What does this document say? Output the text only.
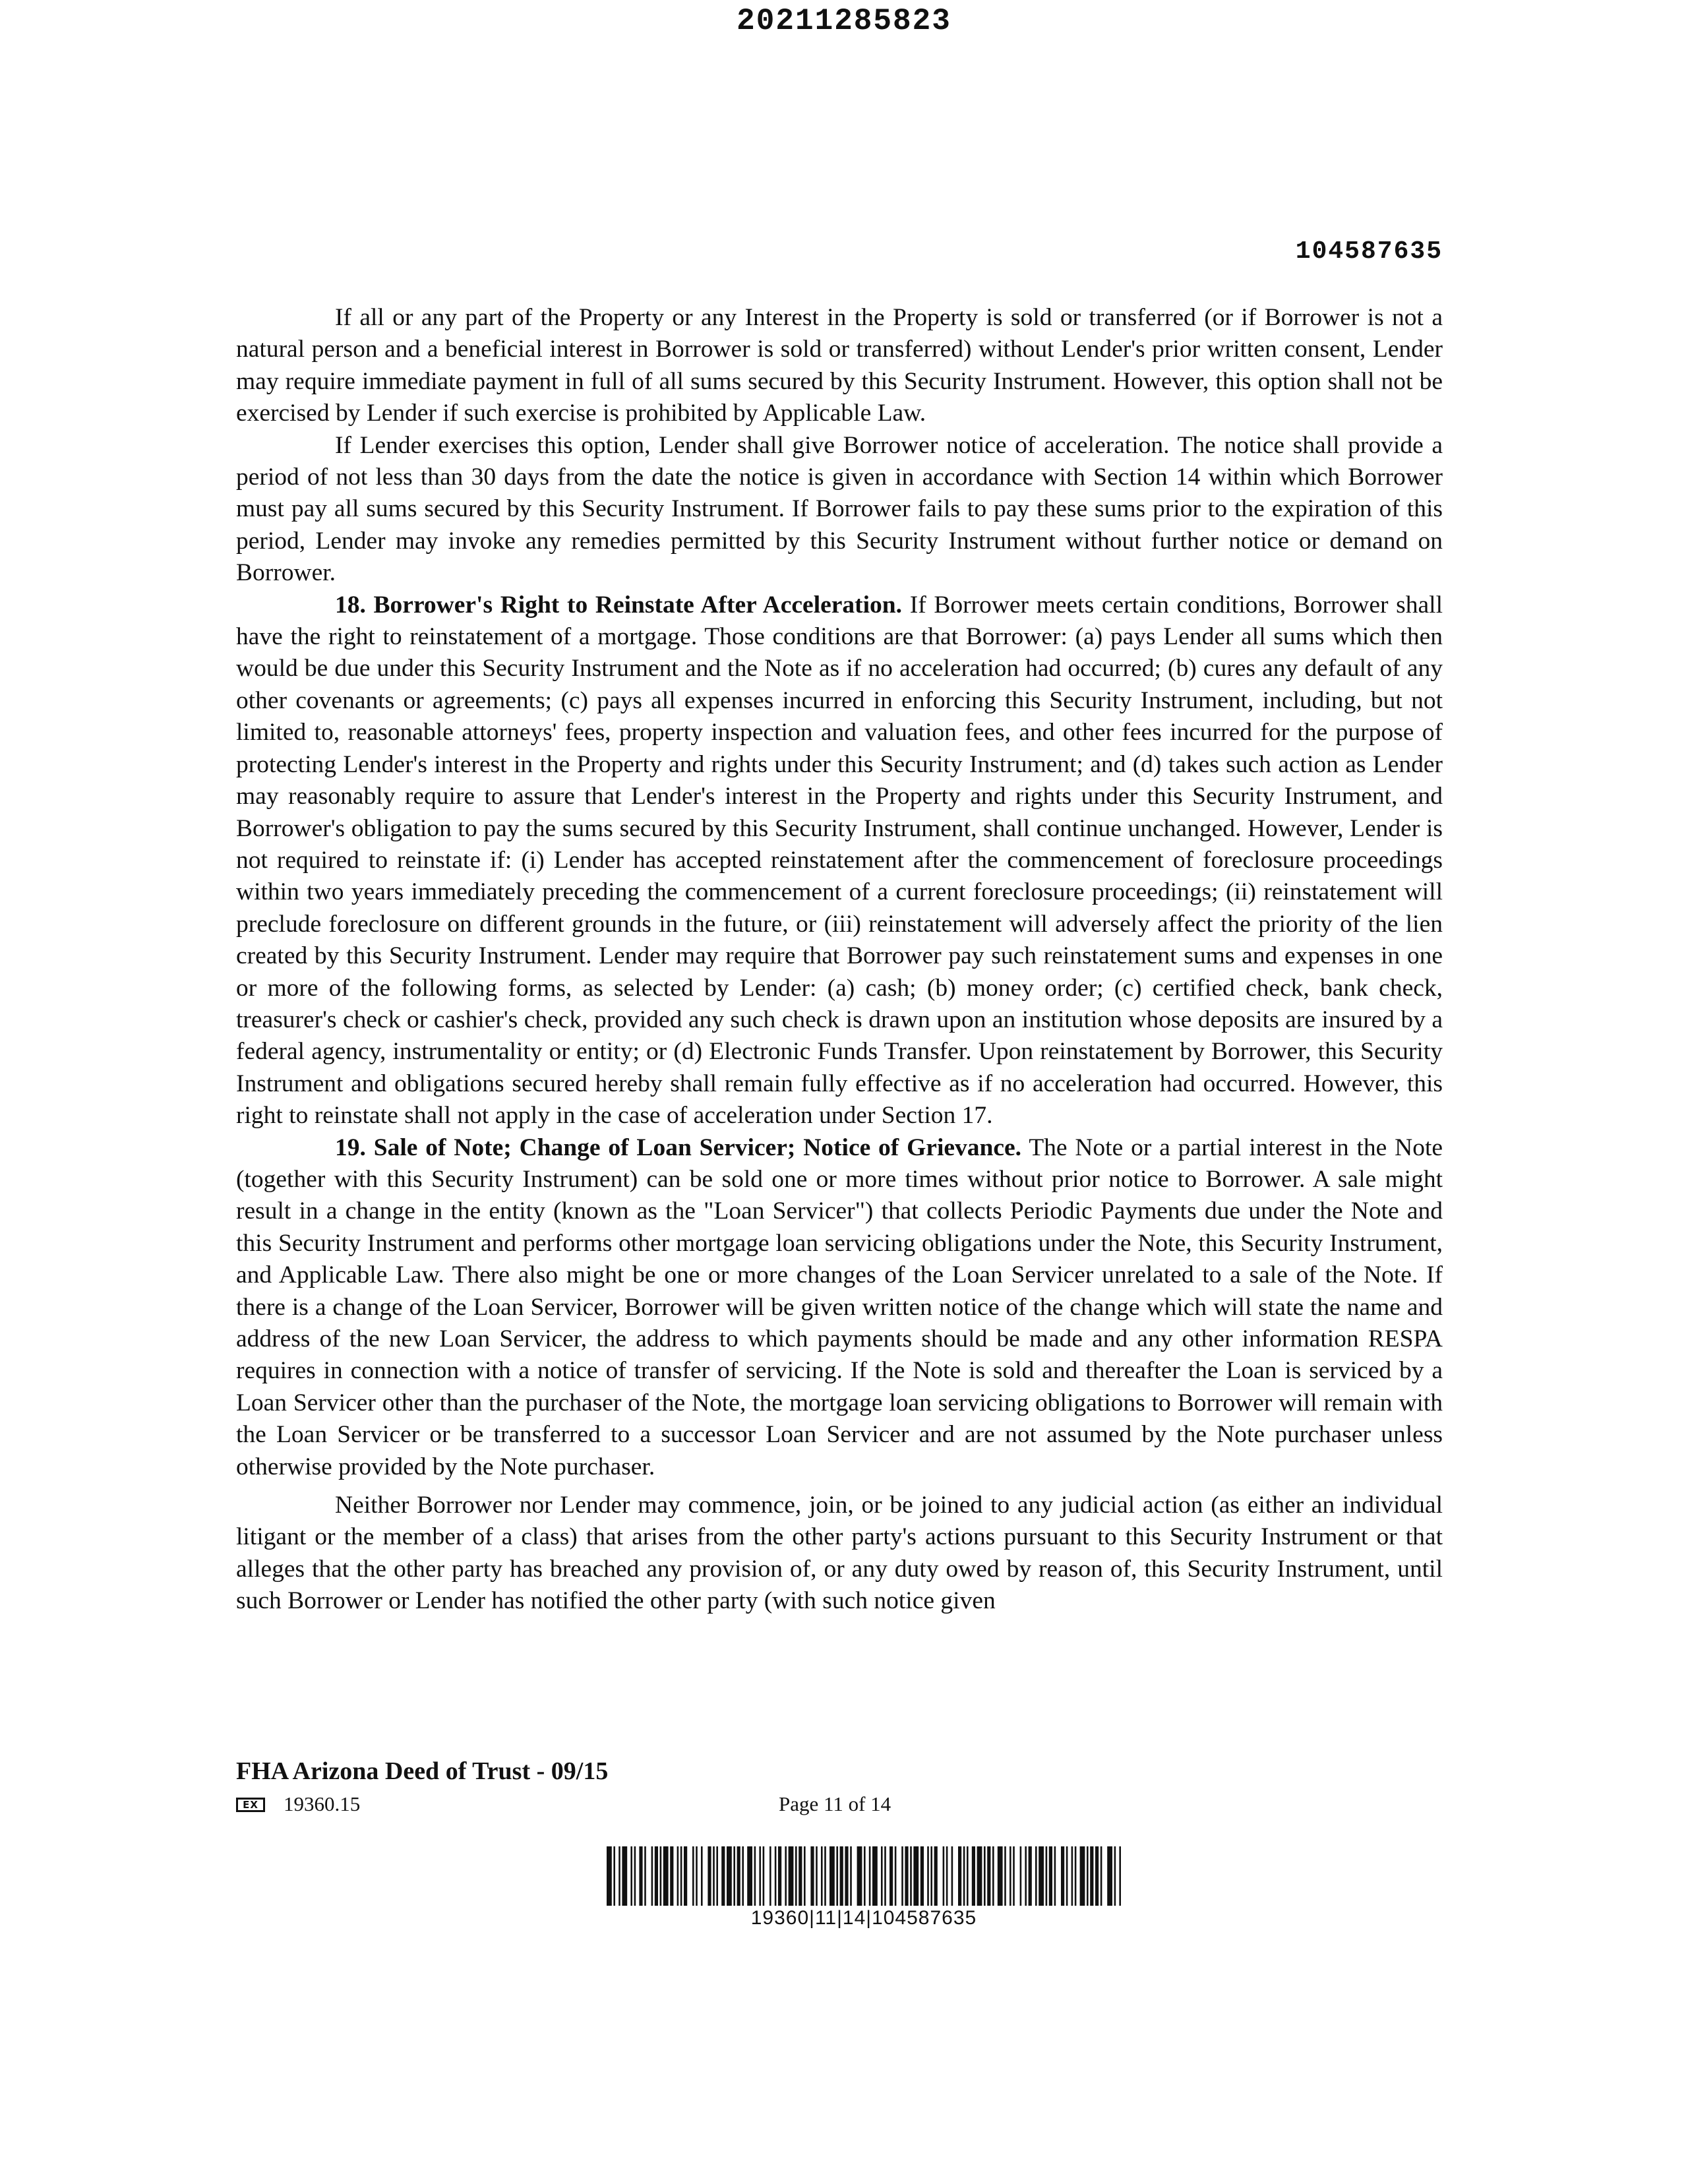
20211285823
104587635

If all or any part of the Property or any Interest in the Property is sold or transferred (or if Borrower is not a natural person and a beneficial interest in Borrower is sold or transferred) without Lender's prior written consent, Lender may require immediate payment in full of all sums secured by this Security Instrument. However, this option shall not be exercised by Lender if such exercise is prohibited by Applicable Law.

If Lender exercises this option, Lender shall give Borrower notice of acceleration. The notice shall provide a period of not less than 30 days from the date the notice is given in accordance with Section 14 within which Borrower must pay all sums secured by this Security Instrument. If Borrower fails to pay these sums prior to the expiration of this period, Lender may invoke any remedies permitted by this Security Instrument without further notice or demand on Borrower.

18. Borrower's Right to Reinstate After Acceleration. If Borrower meets certain conditions, Borrower shall have the right to reinstatement of a mortgage. Those conditions are that Borrower: (a) pays Lender all sums which then would be due under this Security Instrument and the Note as if no acceleration had occurred; (b) cures any default of any other covenants or agreements; (c) pays all expenses incurred in enforcing this Security Instrument, including, but not limited to, reasonable attorneys' fees, property inspection and valuation fees, and other fees incurred for the purpose of protecting Lender's interest in the Property and rights under this Security Instrument; and (d) takes such action as Lender may reasonably require to assure that Lender's interest in the Property and rights under this Security Instrument, and Borrower's obligation to pay the sums secured by this Security Instrument, shall continue unchanged. However, Lender is not required to reinstate if: (i) Lender has accepted reinstatement after the commencement of foreclosure proceedings within two years immediately preceding the commencement of a current foreclosure proceedings; (ii) reinstatement will preclude foreclosure on different grounds in the future, or (iii) reinstatement will adversely affect the priority of the lien created by this Security Instrument. Lender may require that Borrower pay such reinstatement sums and expenses in one or more of the following forms, as selected by Lender: (a) cash; (b) money order; (c) certified check, bank check, treasurer's check or cashier's check, provided any such check is drawn upon an institution whose deposits are insured by a federal agency, instrumentality or entity; or (d) Electronic Funds Transfer. Upon reinstatement by Borrower, this Security Instrument and obligations secured hereby shall remain fully effective as if no acceleration had occurred. However, this right to reinstate shall not apply in the case of acceleration under Section 17.

19. Sale of Note; Change of Loan Servicer; Notice of Grievance. The Note or a partial interest in the Note (together with this Security Instrument) can be sold one or more times without prior notice to Borrower. A sale might result in a change in the entity (known as the "Loan Servicer") that collects Periodic Payments due under the Note and this Security Instrument and performs other mortgage loan servicing obligations under the Note, this Security Instrument, and Applicable Law. There also might be one or more changes of the Loan Servicer unrelated to a sale of the Note. If there is a change of the Loan Servicer, Borrower will be given written notice of the change which will state the name and address of the new Loan Servicer, the address to which payments should be made and any other information RESPA requires in connection with a notice of transfer of servicing. If the Note is sold and thereafter the Loan is serviced by a Loan Servicer other than the purchaser of the Note, the mortgage loan servicing obligations to Borrower will remain with the Loan Servicer or be transferred to a successor Loan Servicer and are not assumed by the Note purchaser unless otherwise provided by the Note purchaser.

Neither Borrower nor Lender may commence, join, or be joined to any judicial action (as either an individual litigant or the member of a class) that arises from the other party's actions pursuant to this Security Instrument or that alleges that the other party has breached any provision of, or any duty owed by reason of, this Security Instrument, until such Borrower or Lender has notified the other party (with such notice given

FHA Arizona Deed of Trust - 09/15
EX	19360.15	Page 11 of 14
19360|11|14|104587635
